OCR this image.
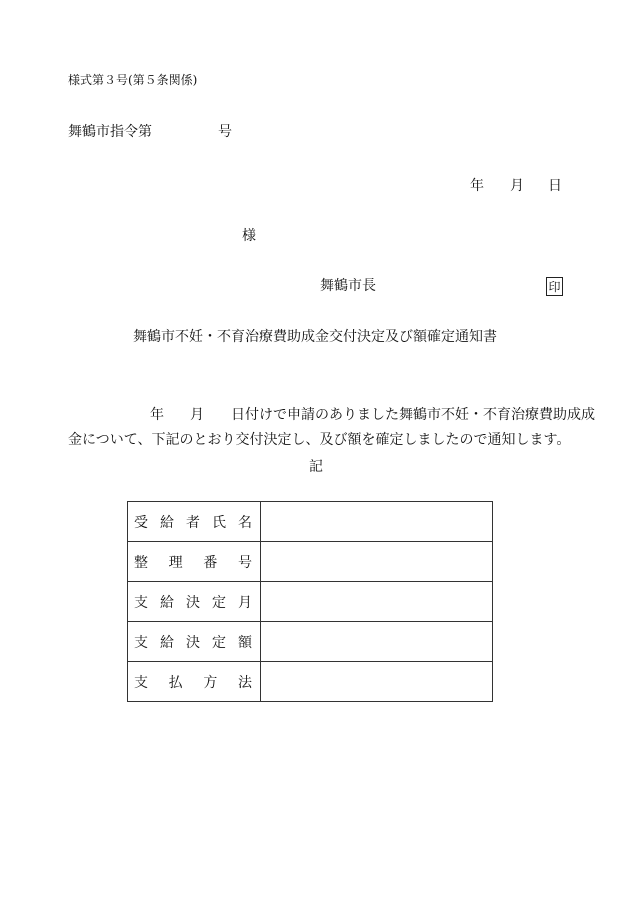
様式第３号(第５条関係)
舞鶴市指令第	号
年 月 日
様
舞鶴市長	印
舞鶴市不妊・不育治療費助成金交付決定及び額確定通知書
年 月 日付けで申請のありました舞鶴市不妊・不育治療費助成成
金について、下記のとおり交付決定し、及び額を確定しましたので通知します。
記
受 給 者 氏 名	

整 理 番 号	

支 給 決 定 月	

支 給 決 定 額	

支 払 方 法	
